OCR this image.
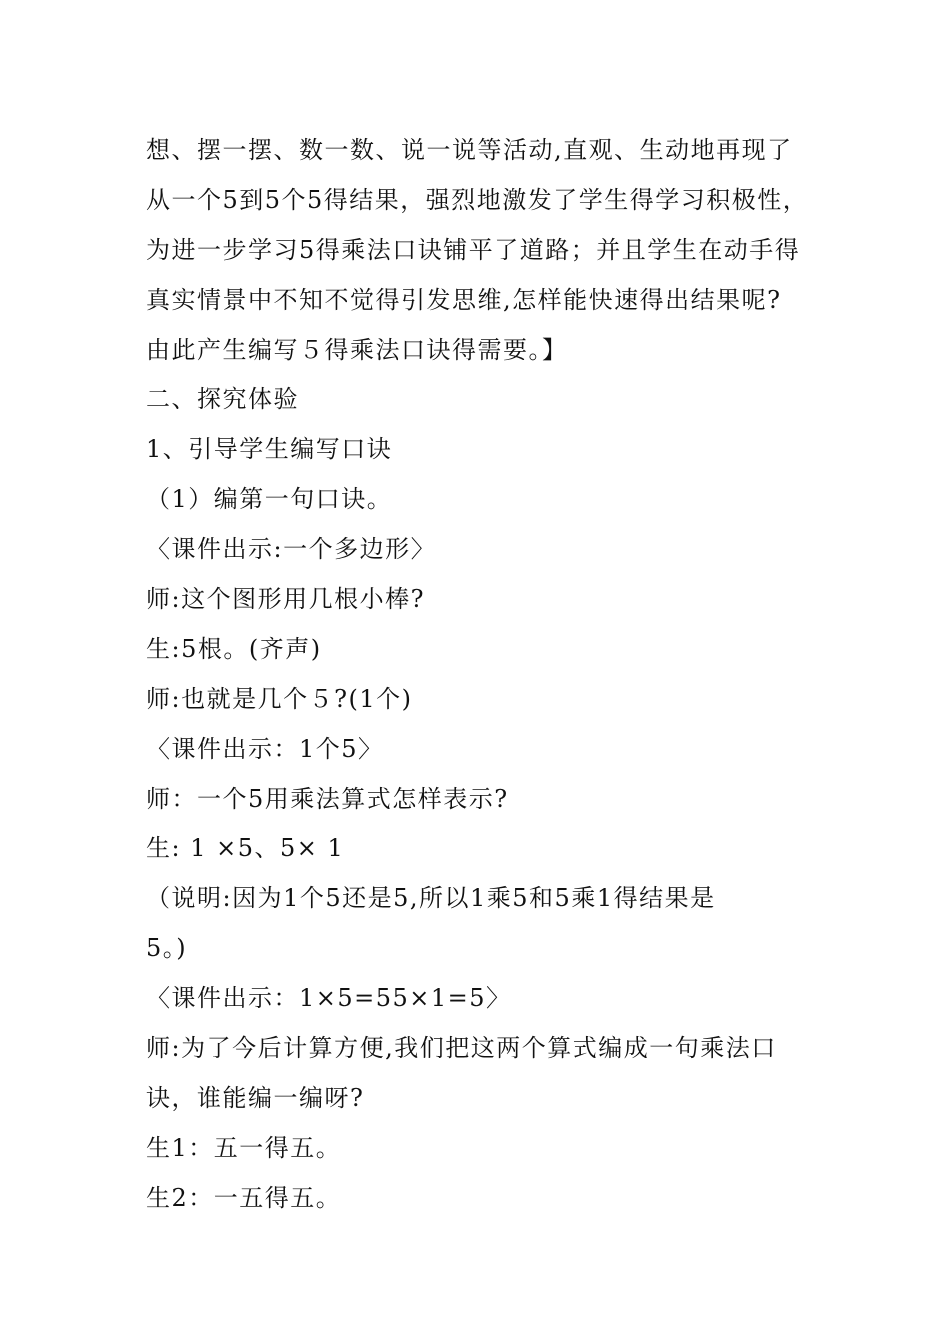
想、摆一摆、数一数、说一说等活动,直观、生动地再现了
从一个5到5个5得结果，强烈地激发了学生得学习积极性，
为进一步学习5得乘法口诀铺平了道路；并且学生在动手得
真实情景中不知不觉得引发思维,怎样能快速得出结果呢?
由此产生编写５得乘法口诀得需要。】
二、探究体验
1、引导学生编写口诀
（1）编第一句口诀。
〈课件出示:一个多边形〉
师:这个图形用几根小棒?
生:5根。(齐声)
师:也就是几个５?(1个)
〈课件出示：1个5〉
师：一个5用乘法算式怎样表示?
生: 1 ×5、5× 1
（说明:因为1个5还是5,所以1乘5和5乘1得结果是
5。)
〈课件出示：1×5=55×1=5〉
师:为了今后计算方便,我们把这两个算式编成一句乘法口
诀，谁能编一编呀?
生1：五一得五。
生2：一五得五。
